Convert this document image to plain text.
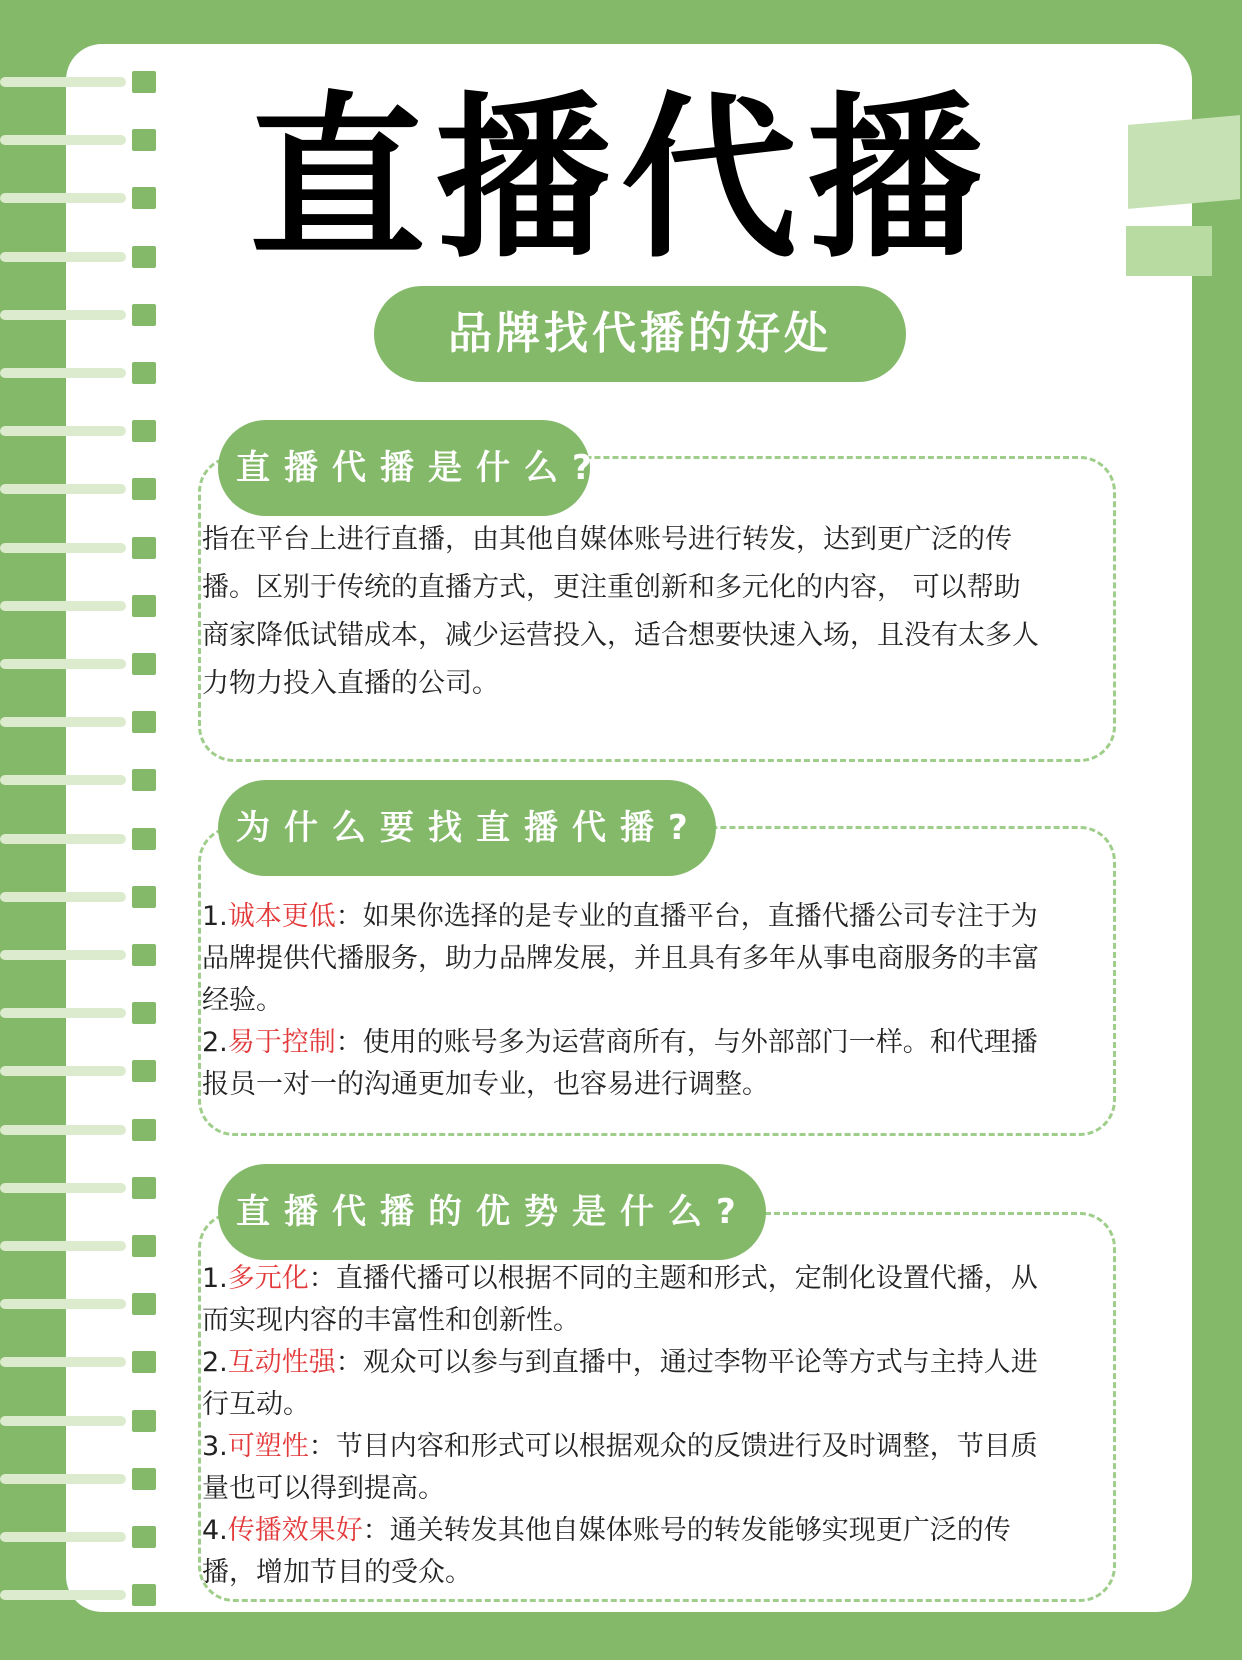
直播代播
品牌找代播的好处
直播代播是什么?
指在平台上进行直播，由其他自媒体账号进行转发，达到更广泛的传
播。区别于传统的直播方式，更注重创新和多元化的内容， 可以帮助
商家降低试错成本，减少运营投入，适合想要快速入场，且没有太多人
力物力投入直播的公司。
为什么要找直播代播?
1.诚本更低：如果你选择的是专业的直播平台，直播代播公司专注于为
品牌提供代播服务，助力品牌发展，并且具有多年从事电商服务的丰富
经验。
2.易于控制：使用的账号多为运营商所有，与外部部门一样。和代理播
报员一对一的沟通更加专业，也容易进行调整。
直播代播的优势是什么?
1.多元化：直播代播可以根据不同的主题和形式，定制化设置代播，从
而实现内容的丰富性和创新性。
2.互动性强：观众可以参与到直播中，通过李物平论等方式与主持人进
行互动。
3.可塑性：节目内容和形式可以根据观众的反馈进行及时调整，节目质
量也可以得到提高。
4.传播效果好：通关转发其他自媒体账号的转发能够实现更广泛的传
播，增加节目的受众。
